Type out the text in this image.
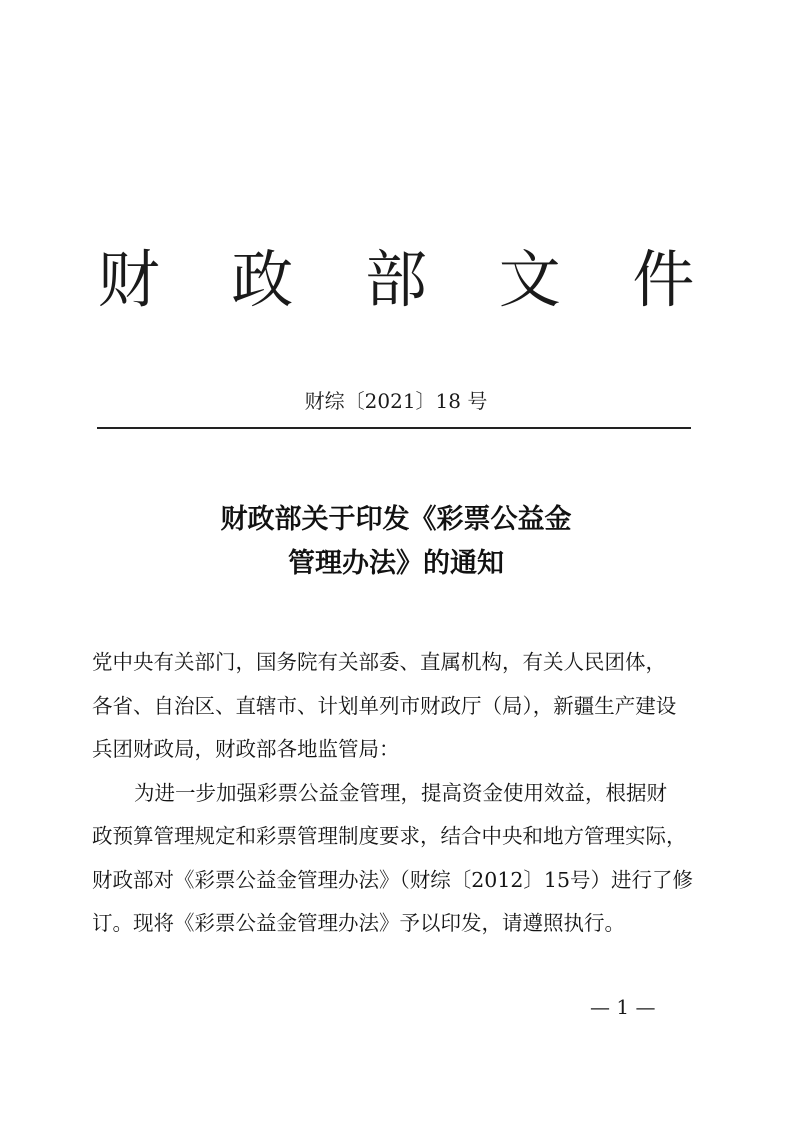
财 政 部 文 件
财综〔2021〕18 号
财政部关于印发《彩票公益金
管理办法》的通知
党中央有关部门，国务院有关部委、直属机构，有关人民团体，
各省、自治区、直辖市、计划单列市财政厅（局），新疆生产建设
兵团财政局，财政部各地监管局：
为进一步加强彩票公益金管理，提高资金使用效益，根据财
政预算管理规定和彩票管理制度要求，结合中央和地方管理实际，
财政部对《彩票公益金管理办法》（财综〔2012〕15号）进行了修
订。现将《彩票公益金管理办法》予以印发，请遵照执行。
— 1 —
